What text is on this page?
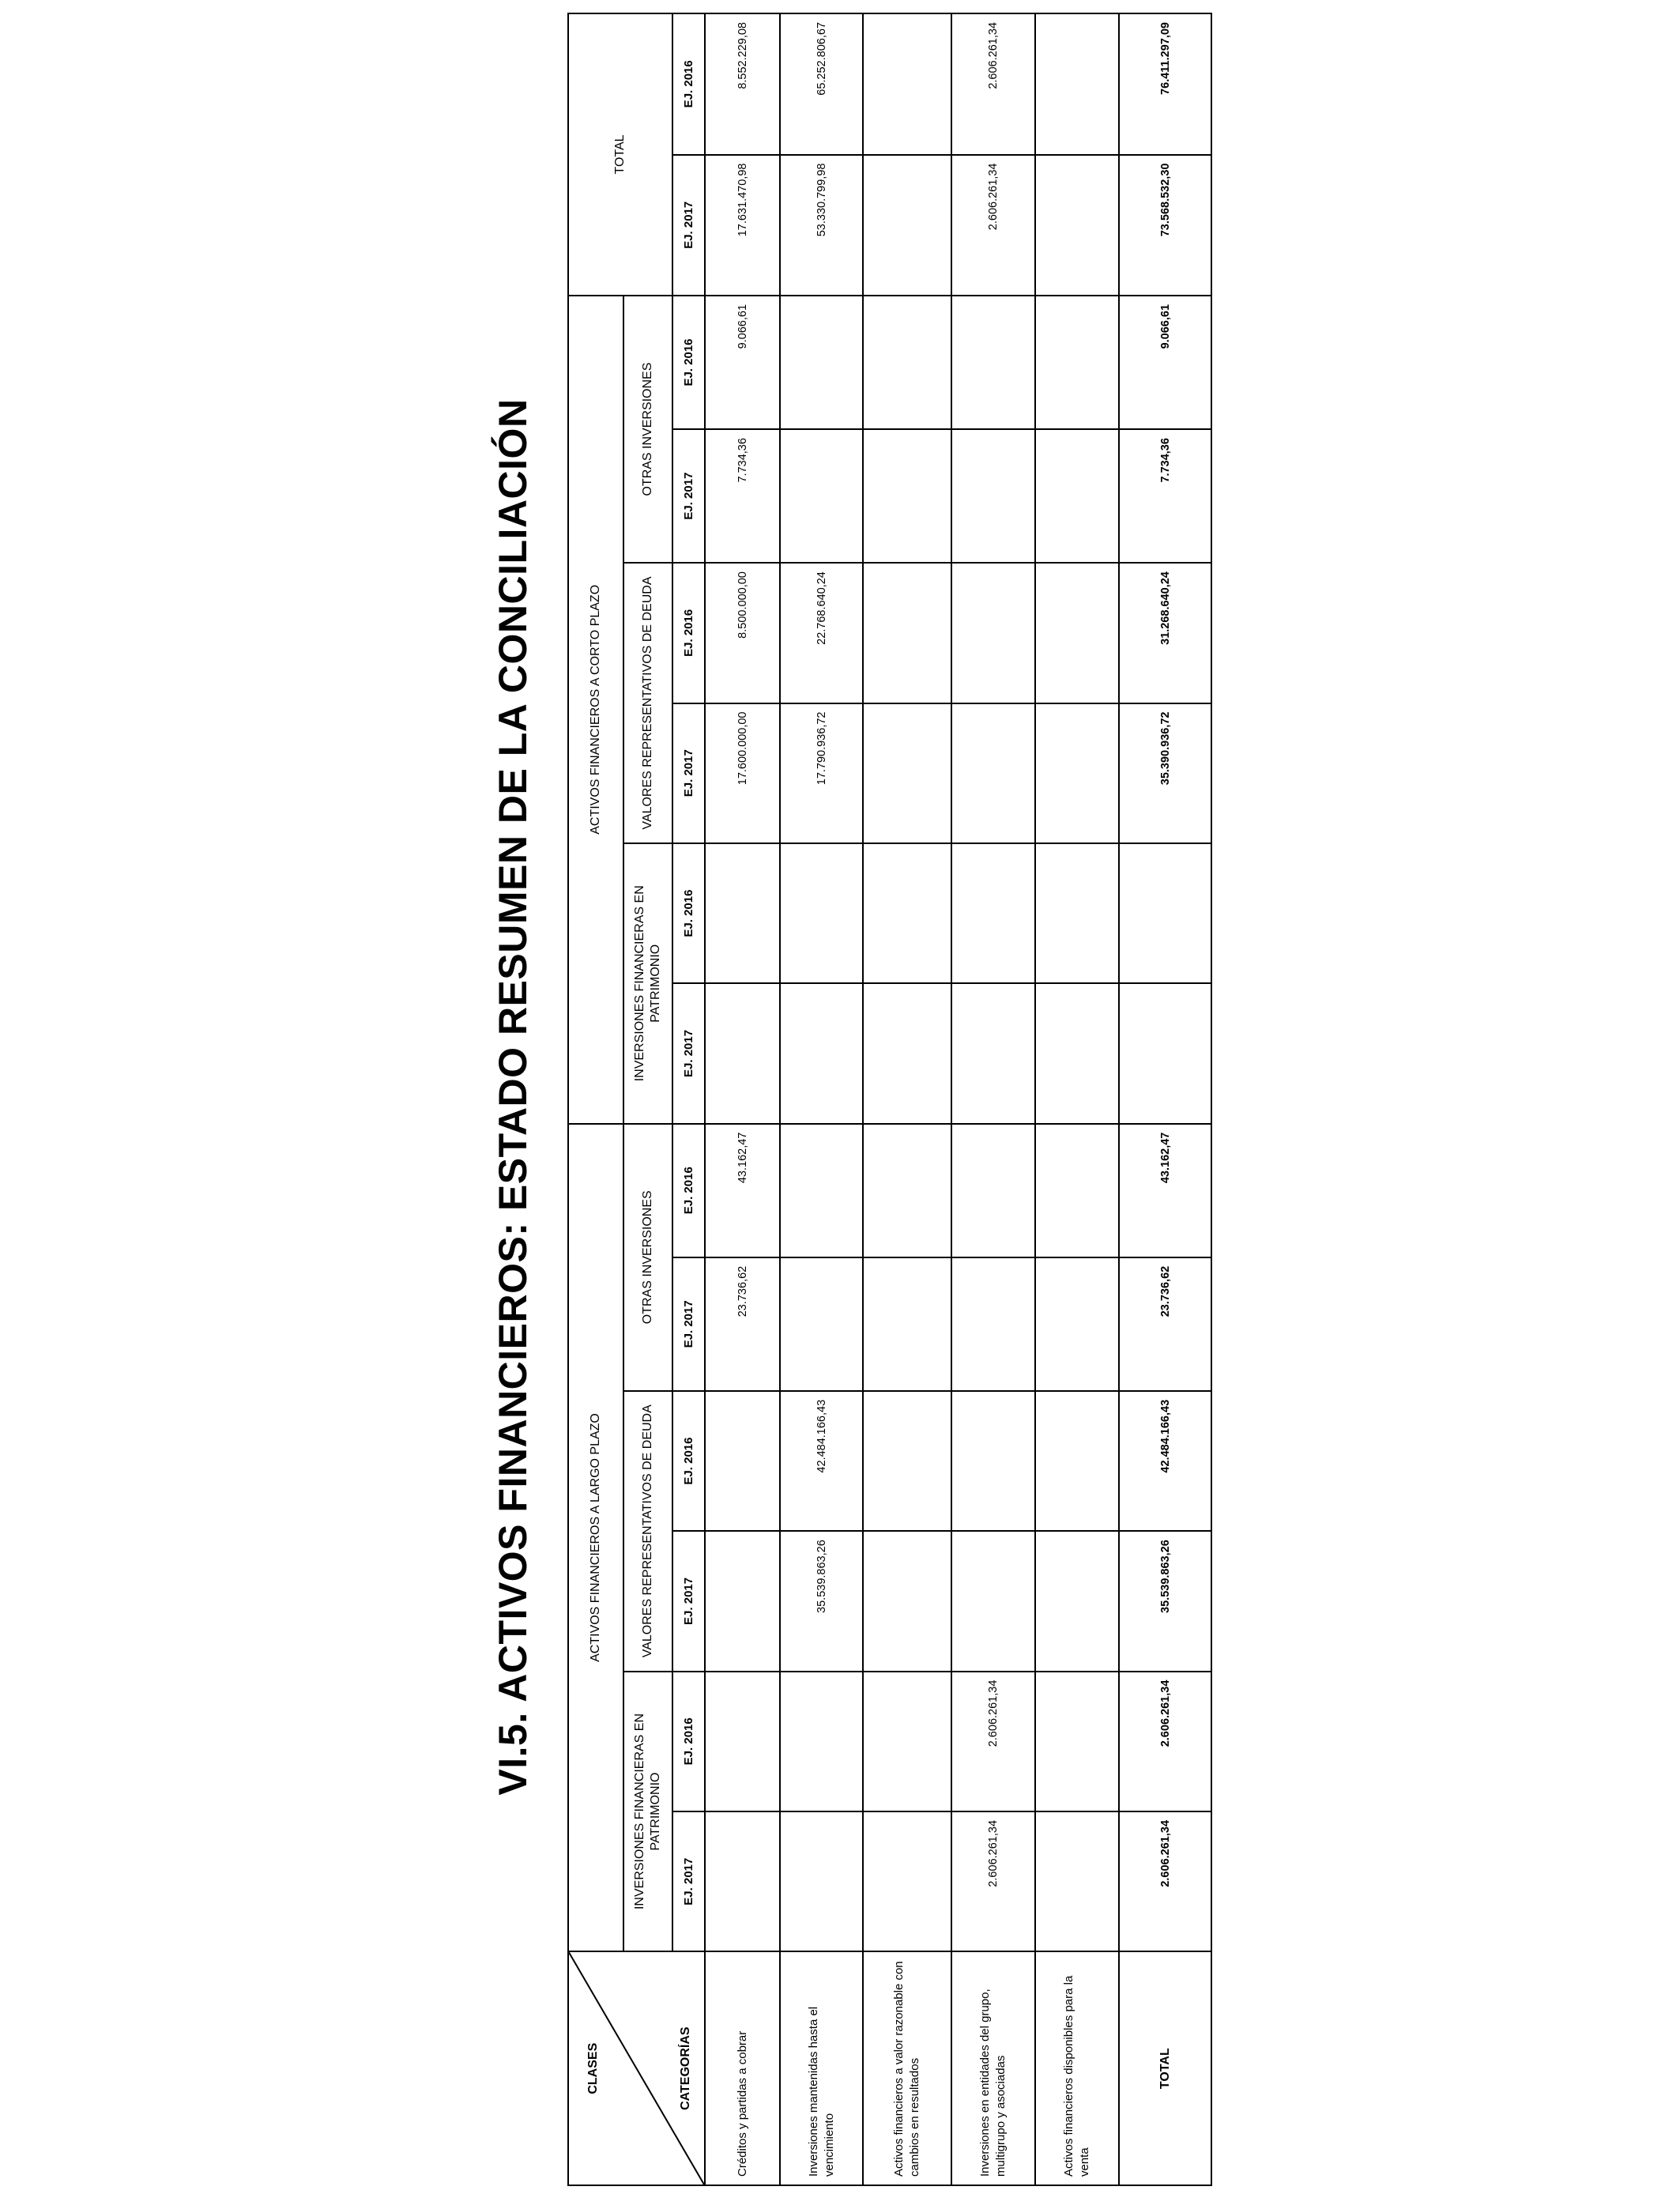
VI.5. ACTIVOS FINANCIEROS: ESTADO RESUMEN DE LA CONCILIACIÓN
CLASES CATEGORÍAS	ACTIVOS FINANCIEROS A LARGO PLAZO						ACTIVOS FINANCIEROS A CORTO PLAZO						TOTAL	
	INVERSIONES FINANCIERAS EN PATRIMONIO		VALORES REPRESENTATIVOS DE DEUDA		OTRAS INVERSIONES		INVERSIONES FINANCIERAS EN PATRIMONIO		VALORES REPRESENTATIVOS DE DEUDA		OTRAS INVERSIONES			
	EJ. 2017	EJ. 2016	EJ. 2017	EJ. 2016	EJ. 2017	EJ. 2016	EJ. 2017	EJ. 2016	EJ. 2017	EJ. 2016	EJ. 2017	EJ. 2016	EJ. 2017	EJ. 2016
Créditos y partidas a cobrar					23.736,62	43.162,47			17.600.000,00	8.500.000,00	7.734,36	9.066,61	17.631.470,98	8.552.229,08
Inversiones mantenidas hasta el vencimiento			35.539.863,26	42.484.166,43					17.790.936,72	22.768.640,24			53.330.799,98	65.252.806,67
Activos financieros a valor razonable con cambios en resultados														
Inversiones en entidades del grupo, multigrupo y asociadas	2.606.261,34	2.606.261,34											2.606.261,34	2.606.261,34
Activos financieros disponibles para la venta														
TOTAL	2.606.261,34	2.606.261,34	35.539.863,26	42.484.166,43	23.736,62	43.162,47			35.390.936,72	31.268.640,24	7.734,36	9.066,61	73.568.532,30	76.411.297,09
